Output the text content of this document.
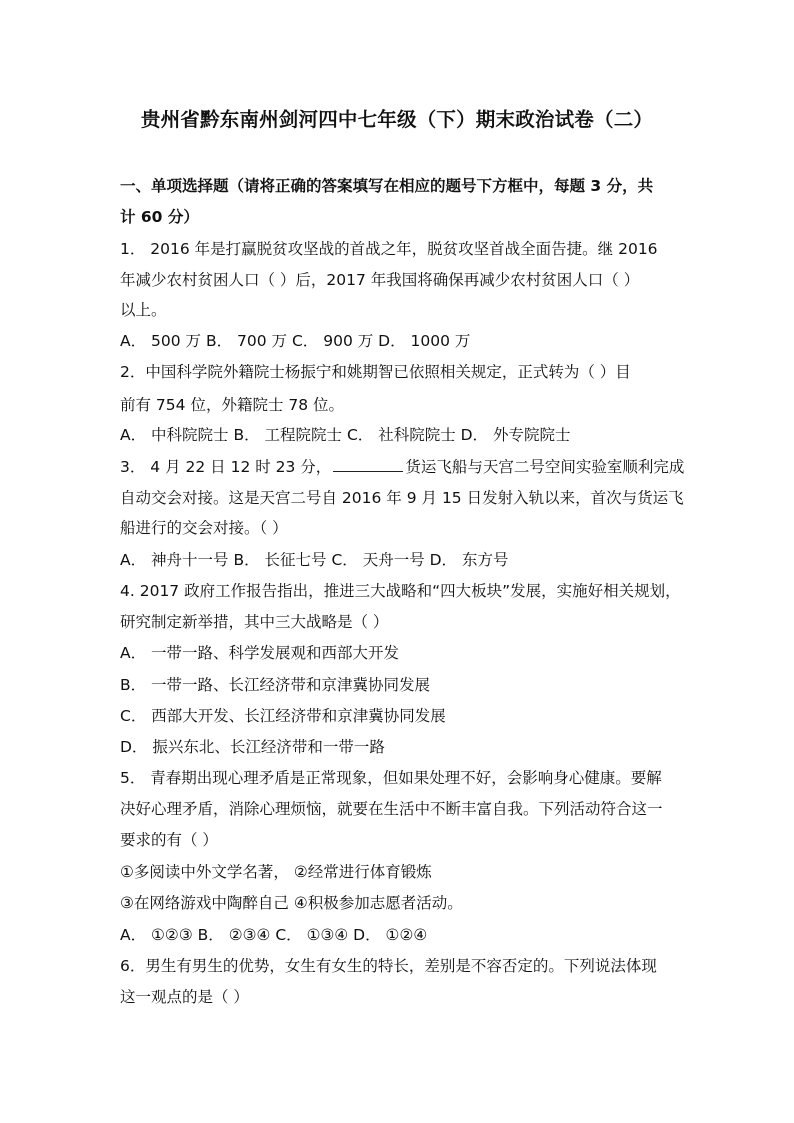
贵州省黔东南州剑河四中七年级（下）期末政治试卷（二）
一、单项选择题（请将正确的答案填写在相应的题号下方框中，每题 3 分，共
计 60 分）
1． 2016 年是打赢脱贫攻坚战的首战之年，脱贫攻坚首战全面告捷。继 2016
年减少农村贫困人口（ ）后，2017 年我国将确保再减少农村贫困人口（ ）
以上。
A． 500 万 B． 700 万 C． 900 万 D． 1000 万
2．中国科学院外籍院士杨振宁和姚期智已依照相关规定，正式转为（ ）目
前有 754 位，外籍院士 78 位。
A． 中科院院士 B． 工程院院士 C． 社科院院士 D． 外专院院士
3． 4 月 22 日 12 时 23 分，	货运飞船与天宫二号空间实验室顺利完成
自动交会对接。这是天宫二号自 2016 年 9 月 15 日发射入轨以来，首次与货运飞
船进行的交会对接。（ ）
A． 神舟十一号 B． 长征七号 C． 天舟一号 D． 东方号
4. 2017 政府工作报告指出，推进三大战略和“四大板块”发展，实施好相关规划，
研究制定新举措，其中三大战略是（ ）
A． 一带一路、科学发展观和西部大开发
B． 一带一路、长江经济带和京津冀协同发展
C． 西部大开发、长江经济带和京津冀协同发展
D． 振兴东北、长江经济带和一带一路
5． 青春期出现心理矛盾是正常现象，但如果处理不好，会影响身心健康。要解
决好心理矛盾，消除心理烦恼，就要在生活中不断丰富自我。下列活动符合这一
要求的有（ ）
①多阅读中外文学名著， ②经常进行体育锻炼
③在网络游戏中陶醉自己 ④积极参加志愿者活动。
A． ①②③ B． ②③④ C． ①③④ D． ①②④
6．男生有男生的优势，女生有女生的特长，差别是不容否定的。下列说法体现
这一观点的是（ ）
